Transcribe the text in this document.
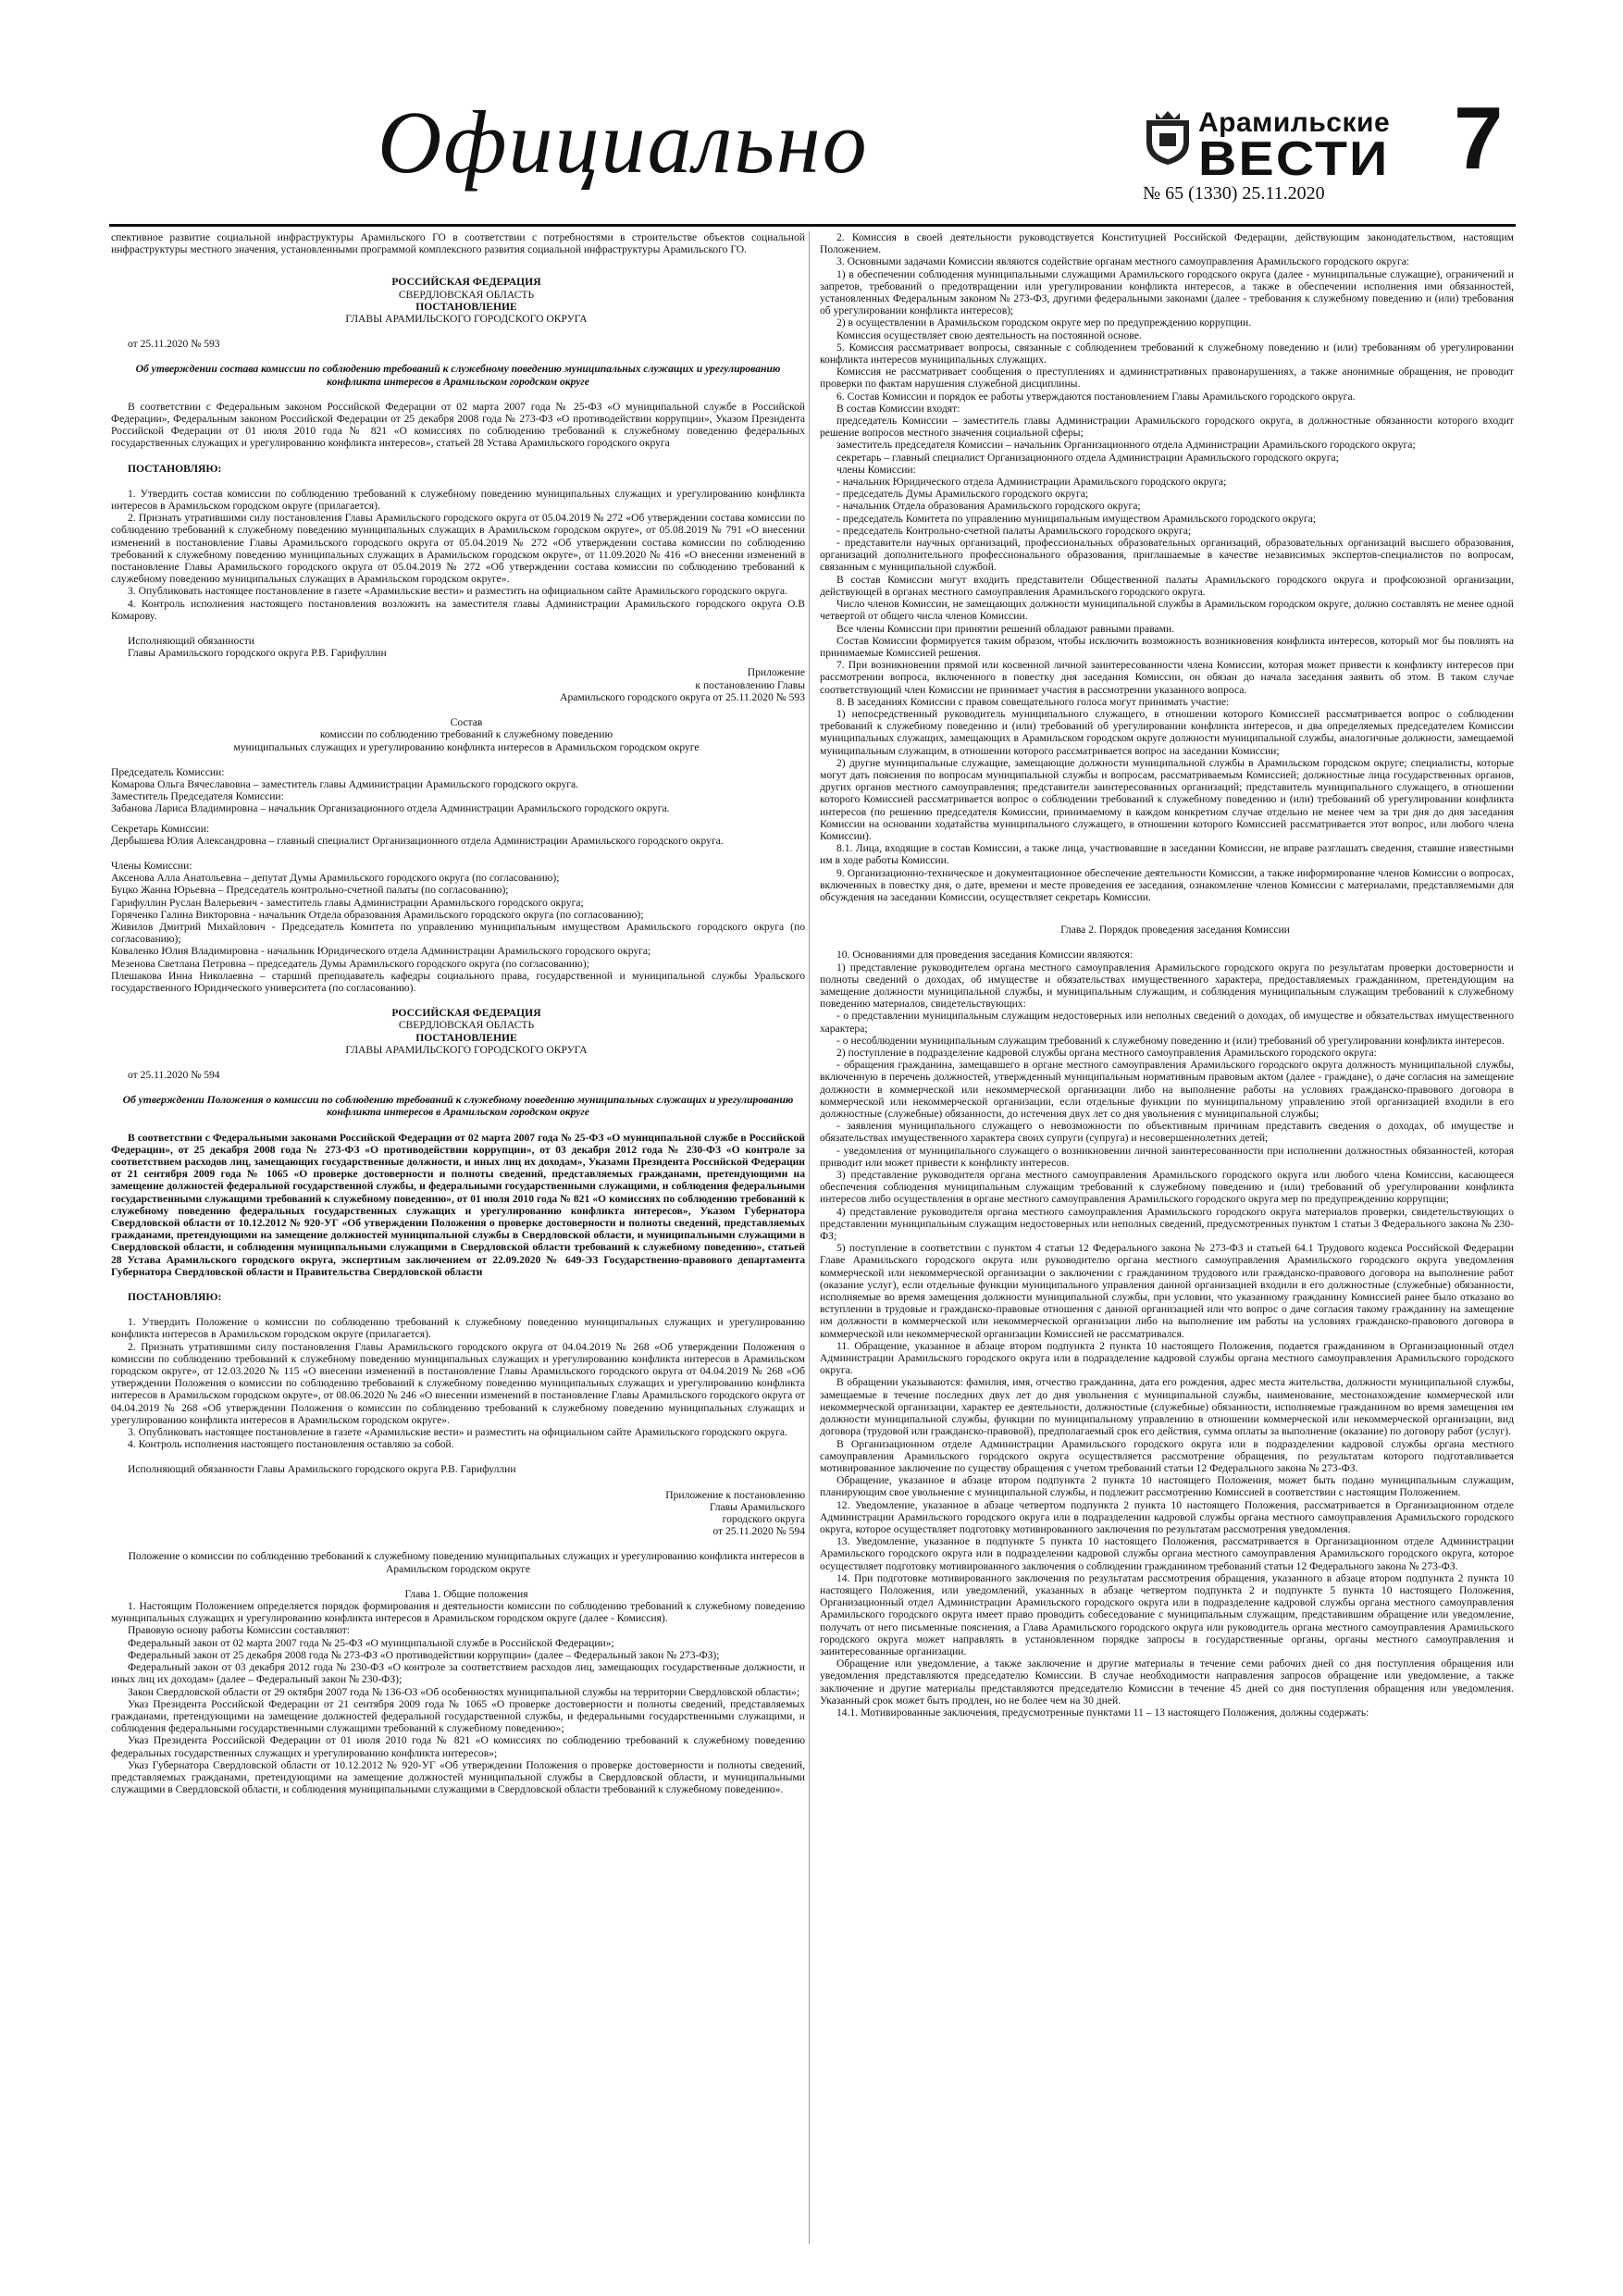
Официально	Арамильские
ВЕСТИ
№ 65 (1330) 25.11.2020
7

спективное развитие социальной инфраструктуры Арамильского ГО в соответствии с потребностями в строительстве объектов социальной инфраструктуры местного значения, установленными программой комплексного развития социальной инфраструктуры Арамильского ГО.

РОССИЙСКАЯ ФЕДЕРАЦИЯ

СВЕРДЛОВСКАЯ ОБЛАСТЬ

ПОСТАНОВЛЕНИЕ

ГЛАВЫ АРАМИЛЬСКОГО ГОРОДСКОГО ОКРУГА

от 25.11.2020 № 593

Об утверждении состава комиссии по соблюдению требований к служебному поведению муниципальных служащих и урегулированию конфликта интересов в Арамильском городском округе

В соответствии с Федеральным законом Российской Федерации от 02 марта 2007 года № 25-ФЗ «О муниципальной службе в Российской Федерации», Федеральным законом Российской Федерации от 25 декабря 2008 года № 273-ФЗ «О противодействии коррупции», Указом Президента Российской Федерации от 01 июля 2010 года № 821 «О комиссиях по соблюдению требований к служебному поведению федеральных государственных служащих и урегулированию конфликта интересов», статьей 28 Устава Арамильского городского округа

ПОСТАНОВЛЯЮ:

1. Утвердить состав комиссии по соблюдению требований к служебному поведению муниципальных служащих и урегулированию конфликта интересов в Арамильском городском округе (прилагается).

2. Признать утратившими силу постановления Главы Арамильского городского округа от 05.04.2019 № 272 «Об утверждении состава комиссии по соблюдению требований к служебному поведению муниципальных служащих в Арамильском городском округе», от 05.08.2019 № 791 «О внесении изменений в постановление Главы Арамильского городского округа от 05.04.2019 № 272 «Об утверждении состава комиссии по соблюдению требований к служебному поведению муниципальных служащих в Арамильском городском округе», от 11.09.2020 № 416 «О внесении изменений в постановление Главы Арамильского городского округа от 05.04.2019 № 272 «Об утверждении состава комиссии по соблюдению требований к служебному поведению муниципальных служащих в Арамильском городском округе».

3. Опубликовать настоящее постановление в газете «Арамильские вести» и разместить на официальном сайте Арамильского городского округа.

4. Контроль исполнения настоящего постановления возложить на заместителя главы Администрации Арамильского городского округа О.В Комарову.

Исполняющий обязанности

Главы Арамильского городского округа Р.В. Гарифуллин

Приложение

к постановлению Главы

Арамильского городского округа от 25.11.2020 № 593

Состав

комиссии по соблюдению требований к служебному поведению

муниципальных служащих и урегулированию конфликта интересов в Арамильском городском округе

Председатель Комиссии:

Комарова Ольга Вячеславовна – заместитель главы Администрации Арамильского городского округа.

Заместитель Председателя Комиссии:

Забанова Лариса Владимировна – начальник Организационного отдела Администрации Арамильского городского округа.

Секретарь Комиссии:

Дербышева Юлия Александровна – главный специалист Организационного отдела Администрации Арамильского городского округа.

Члены Комиссии:

Аксенова Алла Анатольевна – депутат Думы Арамильского городского округа (по согласованию);

Буцко Жанна Юрьевна – Председатель контрольно-счетной палаты (по согласованию);

Гарифуллин Руслан Валерьевич - заместитель главы Администрации Арамильского городского округа;

Горяченко Галина Викторовна - начальник Отдела образования Арамильского городского округа (по согласованию);

Живилов Дмитрий Михайлович - Председатель Комитета по управлению муниципальным имуществом Арамильского городского округа (по согласованию);

Коваленко Юлия Владимировна - начальник Юридического отдела Администрации Арамильского городского округа;

Мезенова Светлана Петровна – председатель Думы Арамильского городского округа (по согласованию);

Плешакова Инна Николаевна – старший преподаватель кафедры социального права, государственной и муниципальной службы Уральского государственного Юридического университета (по согласованию).

РОССИЙСКАЯ ФЕДЕРАЦИЯ

СВЕРДЛОВСКАЯ ОБЛАСТЬ

ПОСТАНОВЛЕНИЕ

ГЛАВЫ АРАМИЛЬСКОГО ГОРОДСКОГО ОКРУГА

от 25.11.2020 № 594

Об утверждении Положения о комиссии по соблюдению требований к служебному поведению муниципальных служащих и урегулированию конфликта интересов в Арамильском городском округе

В соответствии с Федеральными законами Российской Федерации от 02 марта 2007 года № 25-ФЗ «О муниципальной службе в Российской Федерации», от 25 декабря 2008 года № 273-ФЗ «О противодействии коррупции», от 03 декабря 2012 года № 230-ФЗ «О контроле за соответствием расходов лиц, замещающих государственные должности, и иных лиц их доходам», Указами Президента Российской Федерации от 21 сентября 2009 года № 1065 «О проверке достоверности и полноты сведений, представляемых гражданами, претендующими на замещение должностей федеральной государственной службы, и федеральными государственными служащими, и соблюдения федеральными государственными служащими требований к служебному поведению», от 01 июля 2010 года № 821 «О комиссиях по соблюдению требований к служебному поведению федеральных государственных служащих и урегулированию конфликта интересов», Указом Губернатора Свердловской области от 10.12.2012 № 920-УГ «Об утверждении Положения о проверке достоверности и полноты сведений, представляемых гражданами, претендующими на замещение должностей муниципальной службы в Свердловской области, и муниципальными служащими в Свердловской области, и соблюдения муниципальными служащими в Свердловской области требований к служебному поведению», статьей 28 Устава Арамильского городского округа, экспертным заключением от 22.09.2020 № 649-ЭЗ Государственно-правового департамента Губернатора Свердловской области и Правительства Свердловской области

ПОСТАНОВЛЯЮ:

1. Утвердить Положение о комиссии по соблюдению требований к служебному поведению муниципальных служащих и урегулированию конфликта интересов в Арамильском городском округе (прилагается).

2. Признать утратившими силу постановления Главы Арамильского городского округа от 04.04.2019 № 268 «Об утверждении Положения о комиссии по соблюдению требований к служебному поведению муниципальных служащих и урегулированию конфликта интересов в Арамильском городском округе», от 12.03.2020 № 115 «О внесении изменений в постановление Главы Арамильского городского округа от 04.04.2019 № 268 «Об утверждении Положения о комиссии по соблюдению требований к служебному поведению муниципальных служащих и урегулированию конфликта интересов в Арамильском городском округе», от 08.06.2020 № 246 «О внесении изменений в постановление Главы Арамильского городского округа от 04.04.2019 № 268 «Об утверждении Положения о комиссии по соблюдению требований к служебному поведению муниципальных служащих и урегулированию конфликта интересов в Арамильском городском округе».

3. Опубликовать настоящее постановление в газете «Арамильские вести» и разместить на официальном сайте Арамильского городского округа.

4. Контроль исполнения настоящего постановления оставляю за собой.

Исполняющий обязанности Главы Арамильского городского округа Р.В. Гарифуллин

Приложение к постановлению

Главы Арамильского

городского округа

от 25.11.2020 № 594

Положение о комиссии по соблюдению требований к служебному поведению муниципальных служащих и урегулированию конфликта интересов в Арамильском городском округе

Глава 1. Общие положения

1. Настоящим Положением определяется порядок формирования и деятельности комиссии по соблюдению требований к служебному поведению муниципальных служащих и урегулированию конфликта интересов в Арамильском городском округе (далее - Комиссия).

Правовую основу работы Комиссии составляют:

Федеральный закон от 02 марта 2007 года № 25-ФЗ «О муниципальной службе в Российской Федерации»;

Федеральный закон от 25 декабря 2008 года № 273-ФЗ «О противодействии коррупции» (далее – Федеральный закон № 273-ФЗ);

Федеральный закон от 03 декабря 2012 года № 230-ФЗ «О контроле за соответствием расходов лиц, замещающих государственные должности, и иных лиц их доходам» (далее – Федеральный закон № 230-ФЗ);

Закон Свердловской области от 29 октября 2007 года № 136-ОЗ «Об особенностях муниципальной службы на территории Свердловской области»;

Указ Президента Российской Федерации от 21 сентября 2009 года № 1065 «О проверке достоверности и полноты сведений, представляемых гражданами, претендующими на замещение должностей федеральной государственной службы, и федеральными государственными служащими, и соблюдения федеральными государственными служащими требований к служебному поведению»;

Указ Президента Российской Федерации от 01 июля 2010 года № 821 «О комиссиях по соблюдению требований к служебному поведению федеральных государственных служащих и урегулированию конфликта интересов»;

Указ Губернатора Свердловской области от 10.12.2012 № 920-УГ «Об утверждении Положения о проверке достоверности и полноты сведений, представляемых гражданами, претендующими на замещение должностей муниципальной службы в Свердловской области, и муниципальными служащими в Свердловской области, и соблюдения муниципальными служащими в Свердловской области требований к служебному поведению».

2. Комиссия в своей деятельности руководствуется Конституцией Российской Федерации, действующим законодательством, настоящим Положением.

3. Основными задачами Комиссии являются содействие органам местного самоуправления Арамильского городского округа:

1) в обеспечении соблюдения муниципальными служащими Арамильского городского округа (далее - муниципальные служащие), ограничений и запретов, требований о предотвращении или урегулировании конфликта интересов, а также в обеспечении исполнения ими обязанностей, установленных Федеральным законом № 273-ФЗ, другими федеральными законами (далее - требования к служебному поведению и (или) требования об урегулировании конфликта интересов);

2) в осуществлении в Арамильском городском округе мер по предупреждению коррупции.

Комиссия осуществляет свою деятельность на постоянной основе.

5. Комиссия рассматривает вопросы, связанные с соблюдением требований к служебному поведению и (или) требованиям об урегулировании конфликта интересов муниципальных служащих.

Комиссия не рассматривает сообщения о преступлениях и административных правонарушениях, а также анонимные обращения, не проводит проверки по фактам нарушения служебной дисциплины.

6. Состав Комиссии и порядок ее работы утверждаются постановлением Главы Арамильского городского округа.

В состав Комиссии входят:

председатель Комиссии – заместитель главы Администрации Арамильского городского округа, в должностные обязанности которого входит решение вопросов местного значения социальной сферы;

заместитель председателя Комиссии – начальник Организационного отдела Администрации Арамильского городского округа;

секретарь – главный специалист Организационного отдела Администрации Арамильского городского округа;

члены Комиссии:

- начальник Юридического отдела Администрации Арамильского городского округа;

- председатель Думы Арамильского городского округа;

- начальник Отдела образования Арамильского городского округа;

- председатель Комитета по управлению муниципальным имуществом Арамильского городского округа;

- председатель Контрольно-счетной палаты Арамильского городского округа;

- представители научных организаций, профессиональных образовательных организаций, образовательных организаций высшего образования, организаций дополнительного профессионального образования, приглашаемые в качестве независимых экспертов-специалистов по вопросам, связанным с муниципальной службой.

В состав Комиссии могут входить представители Общественной палаты Арамильского городского округа и профсоюзной организации, действующей в органах местного самоуправления Арамильского городского округа.

Число членов Комиссии, не замещающих должности муниципальной службы в Арамильском городском округе, должно составлять не менее одной четвертой от общего числа членов Комиссии.

Все члены Комиссии при принятии решений обладают равными правами.

Состав Комиссии формируется таким образом, чтобы исключить возможность возникновения конфликта интересов, который мог бы повлиять на принимаемые Комиссией решения.

7. При возникновении прямой или косвенной личной заинтересованности члена Комиссии, которая может привести к конфликту интересов при рассмотрении вопроса, включенного в повестку дня заседания Комиссии, он обязан до начала заседания заявить об этом. В таком случае соответствующий член Комиссии не принимает участия в рассмотрении указанного вопроса.

8. В заседаниях Комиссии с правом совещательного голоса могут принимать участие:

1) непосредственный руководитель муниципального служащего, в отношении которого Комиссией рассматривается вопрос о соблюдении требований к служебному поведению и (или) требований об урегулировании конфликта интересов, и два определяемых председателем Комиссии муниципальных служащих, замещающих в Арамильском городском округе должности муниципальной службы, аналогичные должности, замещаемой муниципальным служащим, в отношении которого рассматривается вопрос на заседании Комиссии;

2) другие муниципальные служащие, замещающие должности муниципальной службы в Арамильском городском округе; специалисты, которые могут дать пояснения по вопросам муниципальной службы и вопросам, рассматриваемым Комиссией; должностные лица государственных органов, других органов местного самоуправления; представители заинтересованных организаций; представитель муниципального служащего, в отношении которого Комиссией рассматривается вопрос о соблюдении требований к служебному поведению и (или) требований об урегулировании конфликта интересов (по решению председателя Комиссии, принимаемому в каждом конкретном случае отдельно не менее чем за три дня до дня заседания Комиссии на основании ходатайства муниципального служащего, в отношении которого Комиссией рассматривается этот вопрос, или любого члена Комиссии).

8.1. Лица, входящие в состав Комиссии, а также лица, участвовавшие в заседании Комиссии, не вправе разглашать сведения, ставшие известными им в ходе работы Комиссии.

9. Организационно-техническое и документационное обеспечение деятельности Комиссии, а также информирование членов Комиссии о вопросах, включенных в повестку дня, о дате, времени и месте проведения ее заседания, ознакомление членов Комиссии с материалами, представляемыми для обсуждения на заседании Комиссии, осуществляет секретарь Комиссии.

Глава 2. Порядок проведения заседания Комиссии

10. Основаниями для проведения заседания Комиссии являются:

1) представление руководителем органа местного самоуправления Арамильского городского округа по результатам проверки достоверности и полноты сведений о доходах, об имуществе и обязательствах имущественного характера, предоставляемых гражданином, претендующим на замещение должности муниципальной службы, и муниципальным служащим, и соблюдения муниципальным служащим требований к служебному поведению материалов, свидетельствующих:

- о представлении муниципальным служащим недостоверных или неполных сведений о доходах, об имуществе и обязательствах имущественного характера;

- о несоблюдении муниципальным служащим требований к служебному поведению и (или) требований об урегулировании конфликта интересов.

2) поступление в подразделение кадровой службы органа местного самоуправления Арамильского городского округа:

- обращения гражданина, замещавшего в органе местного самоуправления Арамильского городского округа должность муниципальной службы, включенную в перечень должностей, утвержденный муниципальным нормативным правовым актом (далее - граждане), о даче согласия на замещение должности в коммерческой или некоммерческой организации либо на выполнение работы на условиях гражданско-правового договора в коммерческой или некоммерческой организации, если отдельные функции по муниципальному управлению этой организацией входили в его должностные (служебные) обязанности, до истечения двух лет со дня увольнения с муниципальной службы;

- заявления муниципального служащего о невозможности по объективным причинам представить сведения о доходах, об имуществе и обязательствах имущественного характера своих супруги (супруга) и несовершеннолетних детей;

- уведомления от муниципального служащего о возникновении личной заинтересованности при исполнении должностных обязанностей, которая приводит или может привести к конфликту интересов.

3) представление руководителя органа местного самоуправления Арамильского городского округа или любого члена Комиссии, касающееся обеспечения соблюдения муниципальным служащим требований к служебному поведению и (или) требований об урегулировании конфликта интересов либо осуществления в органе местного самоуправления Арамильского городского округа мер по предупреждению коррупции;

4) представление руководителя органа местного самоуправления Арамильского городского округа материалов проверки, свидетельствующих о представлении муниципальным служащим недостоверных или неполных сведений, предусмотренных пунктом 1 статьи 3 Федерального закона № 230-ФЗ;

5) поступление в соответствии с пунктом 4 статьи 12 Федерального закона № 273-ФЗ и статьей 64.1 Трудового кодекса Российской Федерации Главе Арамильского городского округа или руководителю органа местного самоуправления Арамильского городского округа уведомления коммерческой или некоммерческой организации о заключении с гражданином трудового или гражданско-правового договора на выполнение работ (оказание услуг), если отдельные функции муниципального управления данной организацией входили в его должностные (служебные) обязанности, исполняемые во время замещения должности муниципальной службы, при условии, что указанному гражданину Комиссией ранее было отказано во вступлении в трудовые и гражданско-правовые отношения с данной организацией или что вопрос о даче согласия такому гражданину на замещение им должности в коммерческой или некоммерческой организации либо на выполнение им работы на условиях гражданско-правового договора в коммерческой или некоммерческой организации Комиссией не рассматривался.

11. Обращение, указанное в абзаце втором подпункта 2 пункта 10 настоящего Положения, подается гражданином в Организационный отдел Администрации Арамильского городского округа или в подразделение кадровой службы органа местного самоуправления Арамильского городского округа.

В обращении указываются: фамилия, имя, отчество гражданина, дата его рождения, адрес места жительства, должности муниципальной службы, замещаемые в течение последних двух лет до дня увольнения с муниципальной службы, наименование, местонахождение коммерческой или некоммерческой организации, характер ее деятельности, должностные (служебные) обязанности, исполняемые гражданином во время замещения им должности муниципальной службы, функции по муниципальному управлению в отношении коммерческой или некоммерческой организации, вид договора (трудовой или гражданско-правовой), предполагаемый срок его действия, сумма оплаты за выполнение (оказание) по договору работ (услуг).

В Организационном отделе Администрации Арамильского городского округа или в подразделении кадровой службы органа местного самоуправления Арамильского городского округа осуществляется рассмотрение обращения, по результатам которого подготавливается мотивированное заключение по существу обращения с учетом требований статьи 12 Федерального закона № 273-ФЗ.

Обращение, указанное в абзаце втором подпункта 2 пункта 10 настоящего Положения, может быть подано муниципальным служащим, планирующим свое увольнение с муниципальной службы, и подлежит рассмотрению Комиссией в соответствии с настоящим Положением.

12. Уведомление, указанное в абзаце четвертом подпункта 2 пункта 10 настоящего Положения, рассматривается в Организационном отделе Администрации Арамильского городского округа или в подразделении кадровой службы органа местного самоуправления Арамильского городского округа, которое осуществляет подготовку мотивированного заключения по результатам рассмотрения уведомления.

13. Уведомление, указанное в подпункте 5 пункта 10 настоящего Положения, рассматривается в Организационном отделе Администрации Арамильского городского округа или в подразделении кадровой службы органа местного самоуправления Арамильского городского округа, которое осуществляет подготовку мотивированного заключения о соблюдении гражданином требований статьи 12 Федерального закона № 273-ФЗ.

14. При подготовке мотивированного заключения по результатам рассмотрения обращения, указанного в абзаце втором подпункта 2 пункта 10 настоящего Положения, или уведомлений, указанных в абзаце четвертом подпункта 2 и подпункте 5 пункта 10 настоящего Положения, Организационный отдел Администрации Арамильского городского округа или в подразделение кадровой службы органа местного самоуправления Арамильского городского округа имеет право проводить собеседование с муниципальным служащим, представившим обращение или уведомление, получать от него письменные пояснения, а Глава Арамильского городского округа или руководитель органа местного самоуправления Арамильского городского округа может направлять в установленном порядке запросы в государственные органы, органы местного самоуправления и заинтересованные организации.

Обращение или уведомление, а также заключение и другие материалы в течение семи рабочих дней со дня поступления обращения или уведомления представляются председателю Комиссии. В случае необходимости направления запросов обращение или уведомление, а также заключение и другие материалы представляются председателю Комиссии в течение 45 дней со дня поступления обращения или уведомления. Указанный срок может быть продлен, но не более чем на 30 дней.

14.1. Мотивированные заключения, предусмотренные пунктами 11 – 13 настоящего Положения, должны содержать:
